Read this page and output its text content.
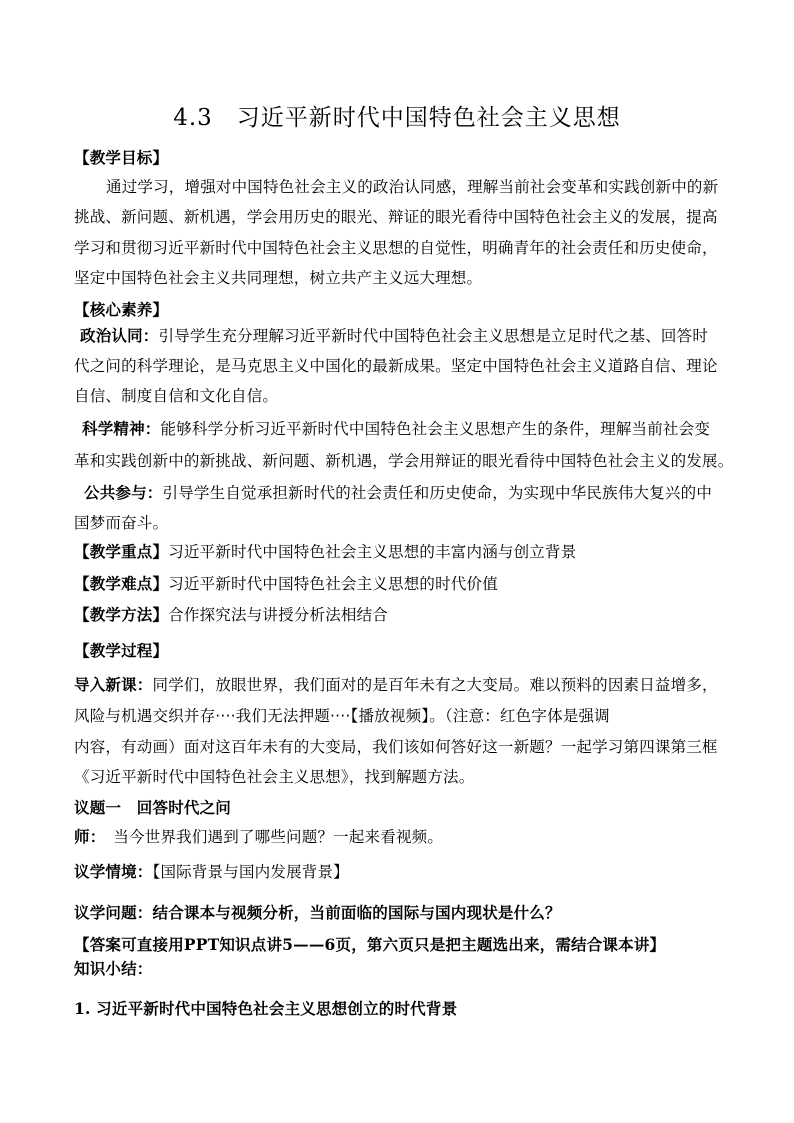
4.3　习近平新时代中国特色社会主义思想
【教学目标】
通过学习，增强对中国特色社会主义的政治认同感，理解当前社会变革和实践创新中的新
挑战、新问题、新机遇，学会用历史的眼光、辩证的眼光看待中国特色社会主义的发展，提高
学习和贯彻习近平新时代中国特色社会主义思想的自觉性，明确青年的社会责任和历史使命，
坚定中国特色社会主义共同理想，树立共产主义远大理想。
【核心素养】
政治认同：引导学生充分理解习近平新时代中国特色社会主义思想是立足时代之基、回答时
代之问的科学理论，是马克思主义中国化的最新成果。坚定中国特色社会主义道路自信、理论
自信、制度自信和文化自信。
科学精神：能够科学分析习近平新时代中国特色社会主义思想产生的条件，理解当前社会变
革和实践创新中的新挑战、新问题、新机遇，学会用辩证的眼光看待中国特色社会主义的发展。
公共参与：引导学生自觉承担新时代的社会责任和历史使命，为实现中华民族伟大复兴的中
国梦而奋斗。
【教学重点】习近平新时代中国特色社会主义思想的丰富内涵与创立背景
【教学难点】习近平新时代中国特色社会主义思想的时代价值
【教学方法】合作探究法与讲授分析法相结合
【教学过程】
导入新课：同学们，放眼世界，我们面对的是百年未有之大变局。难以预料的因素日益增多，
风险与机遇交织并存····我们无法押题····【播放视频】。（注意：红色字体是强调
内容，有动画）面对这百年未有的大变局，我们该如何答好这一新题？一起学习第四课第三框
《习近平新时代中国特色社会主义思想》，找到解题方法。
议题一　回答时代之问
师：　当今世界我们遇到了哪些问题？一起来看视频。
议学情境：【国际背景与国内发展背景】
议学问题：结合课本与视频分析，当前面临的国际与国内现状是什么？
【答案可直接用PPT知识点讲5——6页，第六页只是把主题选出来，需结合课本讲】
知识小结：
1. 习近平新时代中国特色社会主义思想创立的时代背景
